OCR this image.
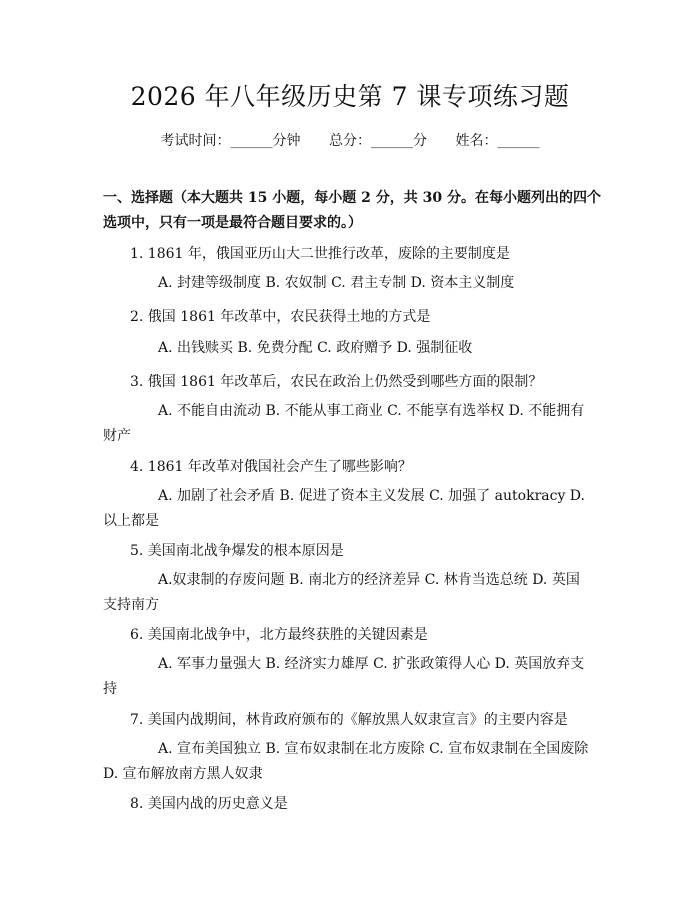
2026 年八年级历史第 7 课专项练习题
考试时间：______分钟 总分：______分 姓名：______
一、选择题（本大题共 15 小题，每小题 2 分，共 30 分。在每小题列出的四个选项中，只有一项是最符合题目要求的。）
1. 1861 年，俄国亚历山大二世推行改革，废除的主要制度是
A. 封建等级制度 B. 农奴制 C. 君主专制 D. 资本主义制度
2. 俄国 1861 年改革中，农民获得土地的方式是
A. 出钱赎买 B. 免费分配 C. 政府赠予 D. 强制征收
3. 俄国 1861 年改革后，农民在政治上仍然受到哪些方面的限制？
A. 不能自由流动 B. 不能从事工商业 C. 不能享有选举权 D. 不能拥有财产
4. 1861 年改革对俄国社会产生了哪些影响？
A. 加剧了社会矛盾 B. 促进了资本主义发展 C. 加强了 autokracy D. 以上都是
5. 美国南北战争爆发的根本原因是
A.奴隶制的存废问题 B. 南北方的经济差异 C. 林肯当选总统 D. 英国支持南方
6. 美国南北战争中，北方最终获胜的关键因素是
A. 军事力量强大 B. 经济实力雄厚 C. 扩张政策得人心 D. 英国放弃支持
7. 美国内战期间，林肯政府颁布的《解放黑人奴隶宣言》的主要内容是
A. 宣布美国独立 B. 宣布奴隶制在北方废除 C. 宣布奴隶制在全国废除 D. 宣布解放南方黑人奴隶
8. 美国内战的历史意义是
